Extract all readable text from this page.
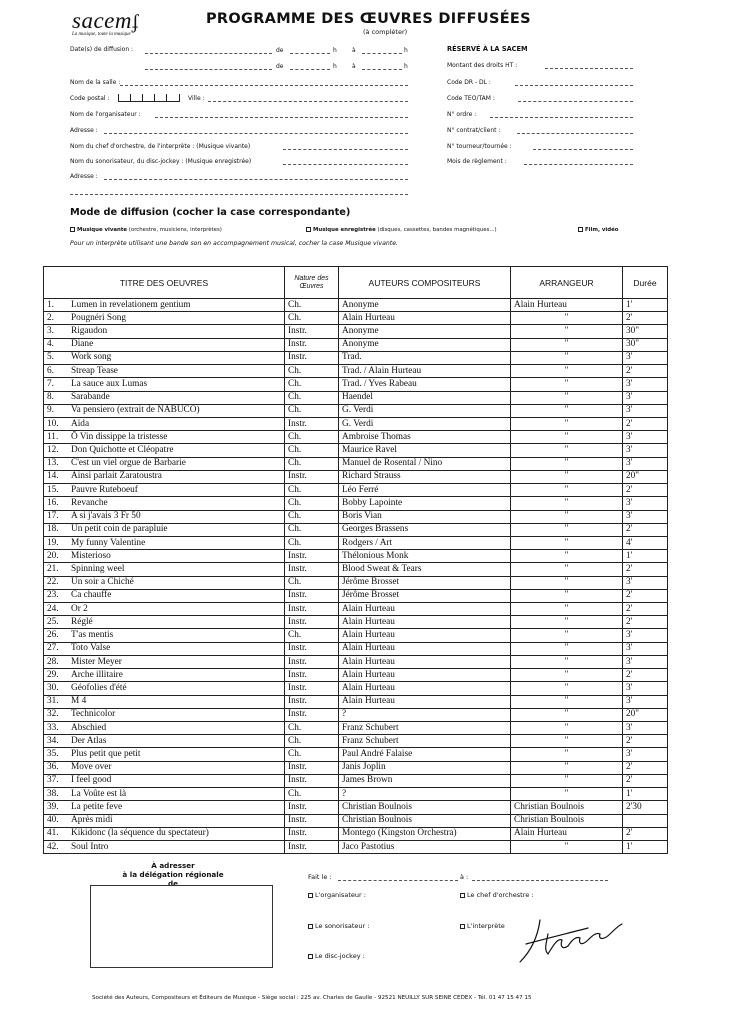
sacemʄ
La musique, toute la musique
PROGRAMME DES ŒUVRES DIFFUSÉES
(à compléter)
Date(s) de diffusion :	de	h	à	h
de	h	à	h
Nom de la salle :
Code postal :	Ville :
Nom de l'organisateur :
Adresse :
Nom du chef d'orchestre, de l'interprète : (Musique vivante)
Nom du sonorisateur, du disc-jockey : (Musique enregistrée)
Adresse :
RÉSERVÉ À LA SACEM
Montant des droits HT :
Code DR - DL :
Code TEO/TAM :
N° ordre :
N° contrat/client :
N° tourneur/tournée :
Mois de règlement :
Mode de diffusion (cocher la case correspondante)
Musique vivante (orchestre, musiciens, interprètes)	Musique enregistrée (disques, cassettes, bandes magnétiques...)	Film, vidéo
Pour un interprète utilisant une bande son en accompagnement musical, cocher la case Musique vivante.
TITRE DES OEUVRES	Nature des Œuvres	AUTEURS COMPOSITEURS	ARRANGEUR	Durée
1. Lumen in revelationem gentium	Ch.	Anonyme	Alain Hurteau	1'
2. Pougnéri Song	Ch.	Alain Hurteau	"	2'
3. Rigaudon	Instr.	Anonyme	"	30"
4. Diane	Instr.	Anonyme	"	30"
5. Work song	Instr.	Trad.	"	3'
6. Streap Tease	Ch.	Trad. / Alain Hurteau	"	2'
7. La sauce aux Lumas	Ch.	Trad. / Yves Rabeau	"	3'
8. Sarabande	Ch.	Haendel	"	3'
9. Va pensiero (extrait de NABUCO)	Ch.	G. Verdi	"	3'
10. Aïda	Instr.	G. Verdi	"	2'
11. Ô Vin dissippe la tristesse	Ch.	Ambroise Thomas	"	3'
12. Don Quichotte et Cléopatre	Ch.	Maurice Ravel	"	3'
13. C'est un viel orgue de Barbarie	Ch.	Manuel de Rosental / Nino	"	3'
14. Ainsi parlait Zaratoustra	Instr.	Richard Strauss	"	20"
15. Pauvre Ruteboeuf	Ch.	Léo Ferré	"	2'
16. Revanche	Ch.	Bobby Lapointe	"	3'
17. A si j'avais 3 Fr 50	Ch.	Boris Vian	"	3'
18. Un petit coin de parapluie	Ch.	Georges Brassens	"	2'
19. My funny Valentine	Ch.	Rodgers / Art	"	4'
20. Misterioso	Instr.	Thélonious Monk	"	1'
21. Spinning weel	Instr.	Blood Sweat & Tears	"	2'
22. Un soir a Chiché	Ch.	Jérôme Brosset	"	3'
23. Ca chauffe	Instr.	Jérôme Brosset	"	2'
24. Or 2	Instr.	Alain Hurteau	"	2'
25. Réglé	Instr.	Alain Hurteau	"	2'
26. T'as mentis	Ch.	Alain Hurteau	"	3'
27. Toto Valse	Instr.	Alain Hurteau	"	3'
28. Mister Meyer	Instr.	Alain Hurteau	"	3'
29. Arche illitaire	Instr.	Alain Hurteau	"	2'
30. Géofolies d'été	Instr.	Alain Hurteau	"	3'
31. M 4	Instr.	Alain Hurteau	"	3'
32. Technicolor	Instr.	?	"	20"
33. Abschied	Ch.	Franz Schubert	"	3'
34. Der Atlas	Ch.	Franz Schubert	"	2'
35. Plus petit que petit	Ch.	Paul André Falaise	"	3'
36. Move over	Instr.	Janis Joplin	"	2'
37. I feel good	Instr.	James Brown	"	2'
38. La Voûte est là	Ch.	?	"	1'
39. La petite feve	Instr.	Christian Boulnois	Christian Boulnois	2'30
40. Après midi	Instr.	Christian Boulnois	Christian Boulnois	
41. Kikidonc (la séquence du spectateur)	Instr.	Montego (Kingston Orchestra)	Alain Hurteau	2'
42. Soul Intro	Instr.	Jaco Pastotius	"	1'
À adresser
à la délégation régionale de
Fait le :	à :
L'organisateur :	Le chef d'orchestre :
Le sonorisateur :	L'interprète
Le disc-jockey :
Société des Auteurs, Compositeurs et Éditeurs de Musique - Siège social : 225 av. Charles de Gaulle - 92521 NEUILLY SUR SEINE CEDEX - Tél. 01 47 15 47 15
